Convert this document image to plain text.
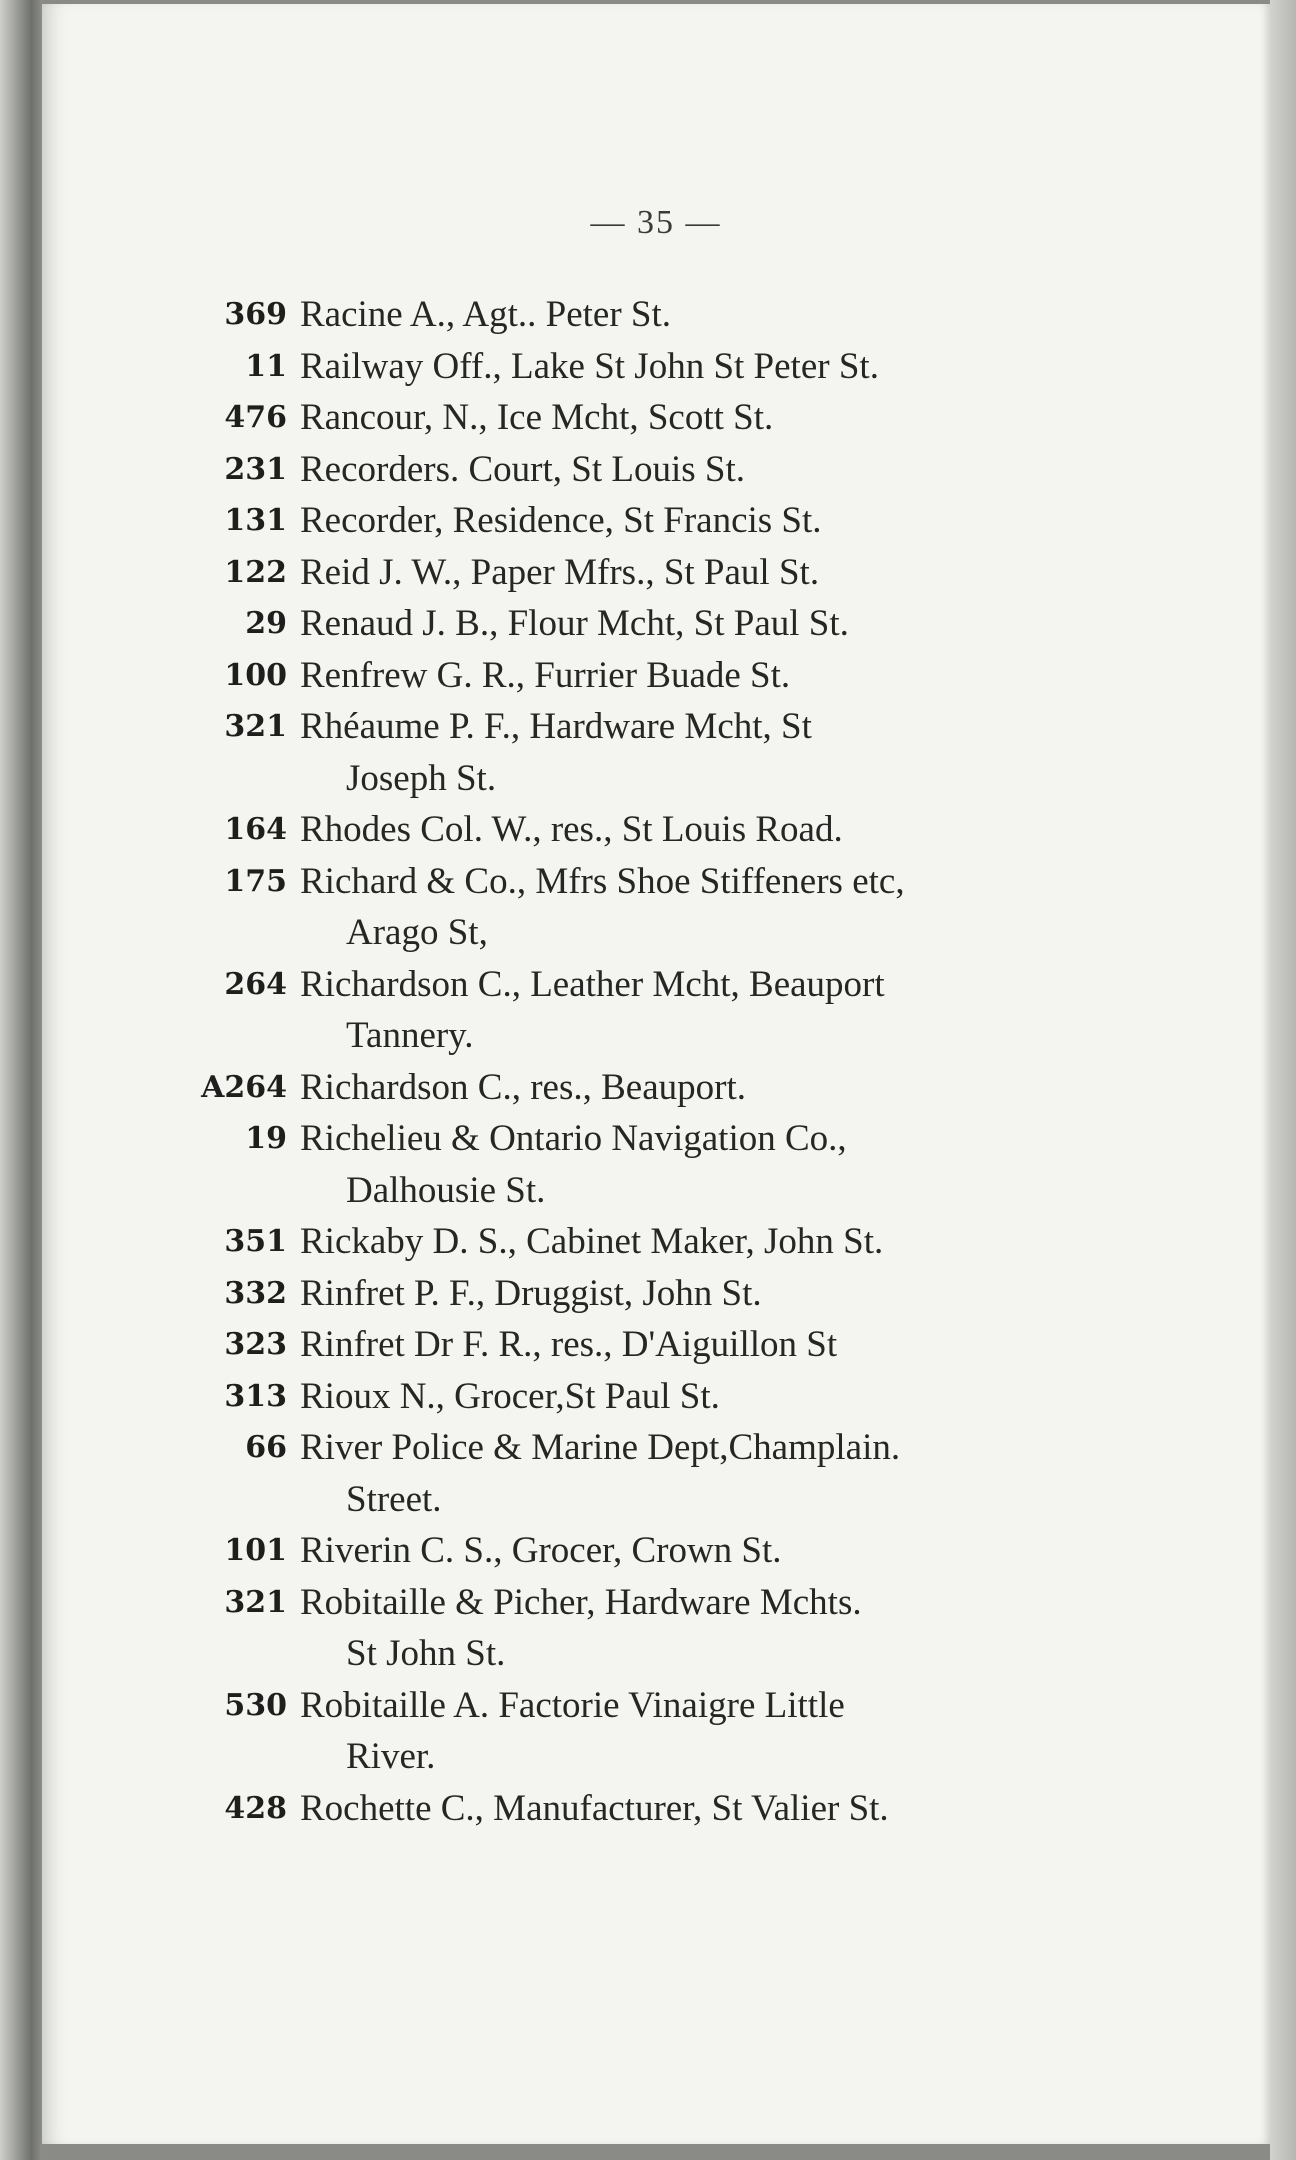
— 35 —
369 Racine A., Agt.. Peter St.
11 Railway Off., Lake St John St Peter St.
476 Rancour, N., Ice Mcht, Scott St.
231 Recorders. Court, St Louis St.
131 Recorder, Residence, St Francis St.
122 Reid J. W., Paper Mfrs., St Paul St.
29 Renaud J. B., Flour Mcht, St Paul St.
100 Renfrew G. R., Furrier Buade St.
321 Rhéaume P. F., Hardware Mcht, St
Joseph St.
164 Rhodes Col. W., res., St Louis Road.
175 Richard & Co., Mfrs Shoe Stiffeners etc,
Arago St,
264 Richardson C., Leather Mcht, Beauport
Tannery.
A264 Richardson C., res., Beauport.
19 Richelieu & Ontario Navigation Co.,
Dalhousie St.
351 Rickaby D. S., Cabinet Maker, John St.
332 Rinfret P. F., Druggist, John St.
323 Rinfret Dr F. R., res., D'Aiguillon St
313 Rioux N., Grocer,St Paul St.
66 River Police & Marine Dept,Champlain.
Street.
101 Riverin C. S., Grocer, Crown St.
321 Robitaille & Picher, Hardware Mchts.
St John St.
530 Robitaille A. Factorie Vinaigre Little
River.
428 Rochette C., Manufacturer, St Valier St.
